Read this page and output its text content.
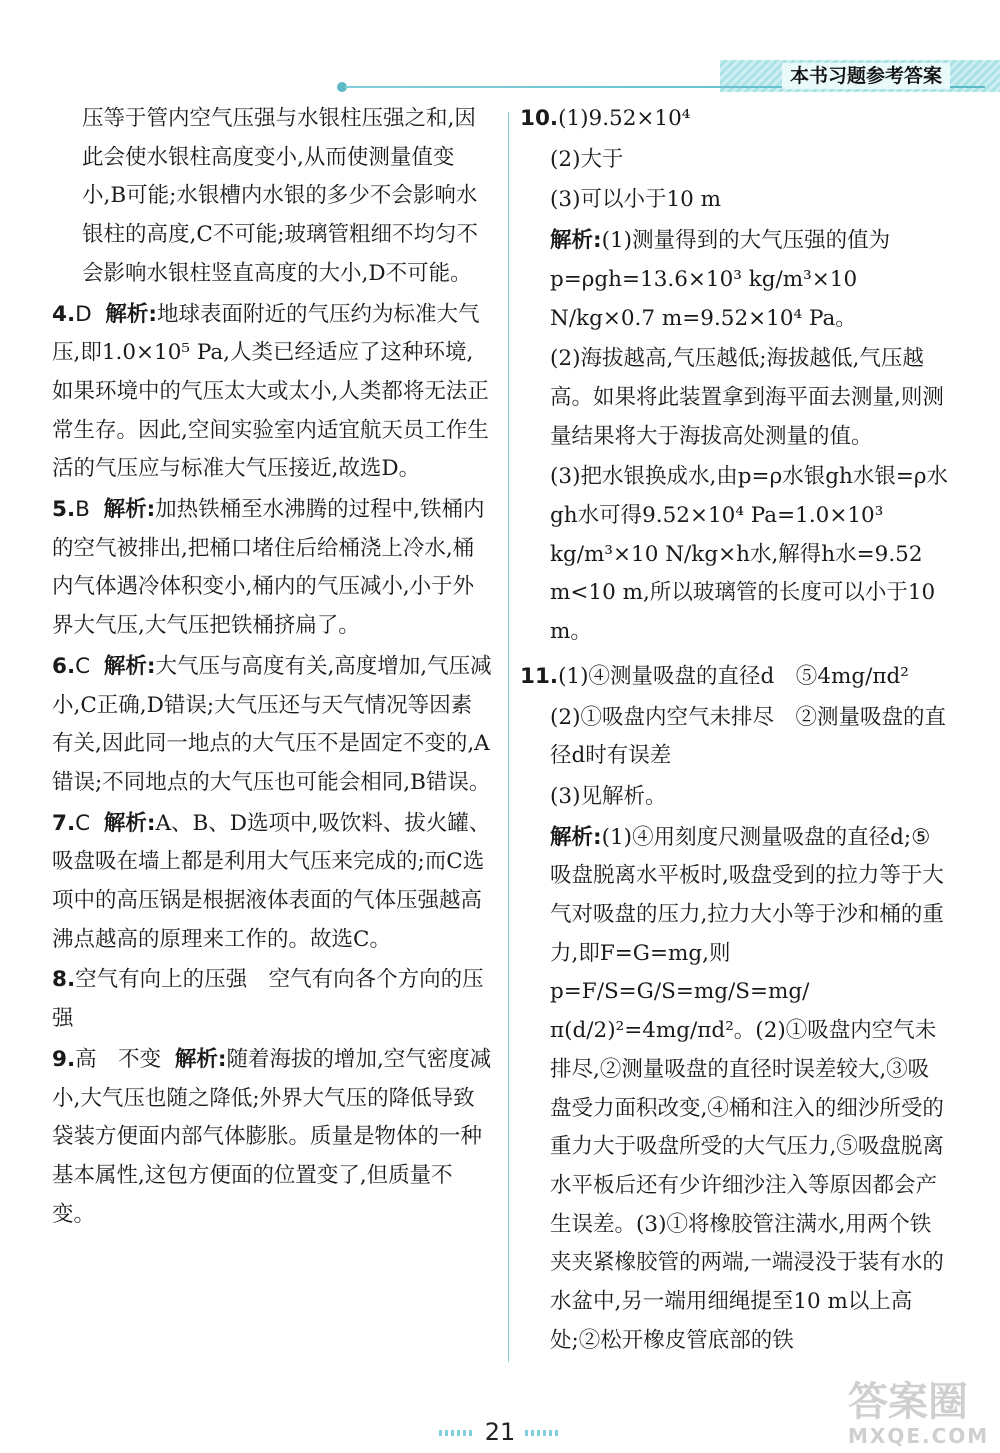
本书习题参考答案

压等于管内空气压强与水银柱压强之和,因此会使水银柱高度变小,从而使测量值变小,B可能;水银槽内水银的多少不会影响水银柱的高度,C不可能;玻璃管粗细不均匀不会影响水银柱竖直高度的大小,D不可能。

4.D 解析:地球表面附近的气压约为标准大气压,即1.0×10⁵ Pa,人类已经适应了这种环境,如果环境中的气压太大或太小,人类都将无法正常生存。因此,空间实验室内适宜航天员工作生活的气压应与标准大气压接近,故选D。

5.B 解析:加热铁桶至水沸腾的过程中,铁桶内的空气被排出,把桶口堵住后给桶浇上冷水,桶内气体遇冷体积变小,桶内的气压减小,小于外界大气压,大气压把铁桶挤扁了。

6.C 解析:大气压与高度有关,高度增加,气压减小,C正确,D错误;大气压还与天气情况等因素有关,因此同一地点的大气压不是固定不变的,A错误;不同地点的大气压也可能会相同,B错误。

7.C 解析:A、B、D选项中,吸饮料、拔火罐、吸盘吸在墙上都是利用大气压来完成的;而C选项中的高压锅是根据液体表面的气体压强越高沸点越高的原理来工作的。故选C。

8.空气有向上的压强　空气有向各个方向的压强

9.高　不变 解析:随着海拔的增加,空气密度减小,大气压也随之降低;外界大气压的降低导致袋装方便面内部气体膨胀。质量是物体的一种基本属性,这包方便面的位置变了,但质量不变。

10.(1)9.52×10⁴

(2)大于

(3)可以小于10 m

解析:(1)测量得到的大气压强的值为p=ρgh=13.6×10³ kg/m³×10 N/kg×0.7 m=9.52×10⁴ Pa。

(2)海拔越高,气压越低;海拔越低,气压越高。如果将此装置拿到海平面去测量,则测量结果将大于海拔高处测量的值。

(3)把水银换成水,由p=ρ水银gh水银=ρ水gh水可得9.52×10⁴ Pa=1.0×10³ kg/m³×10 N/kg×h水,解得h水=9.52 m<10 m,所以玻璃管的长度可以小于10 m。

11.(1)④测量吸盘的直径d　⑤4mg/πd²

(2)①吸盘内空气未排尽　②测量吸盘的直径d时有误差

(3)见解析。

解析:(1)④用刻度尺测量吸盘的直径d;⑤吸盘脱离水平板时,吸盘受到的拉力等于大气对吸盘的压力,拉力大小等于沙和桶的重力,即F=G=mg,则p=F/S=G/S=mg/S=mg/π(d/2)²=4mg/πd²。(2)①吸盘内空气未排尽,②测量吸盘的直径时误差较大,③吸盘受力面积改变,④桶和注入的细沙所受的重力大于吸盘所受的大气压力,⑤吸盘脱离水平板后还有少许细沙注入等原因都会产生误差。(3)①将橡胶管注满水,用两个铁夹夹紧橡胶管的两端,一端浸没于装有水的水盆中,另一端用细绳提至10 m以上高处;②松开橡皮管底部的铁

21
答案圈
MXQE.COM
